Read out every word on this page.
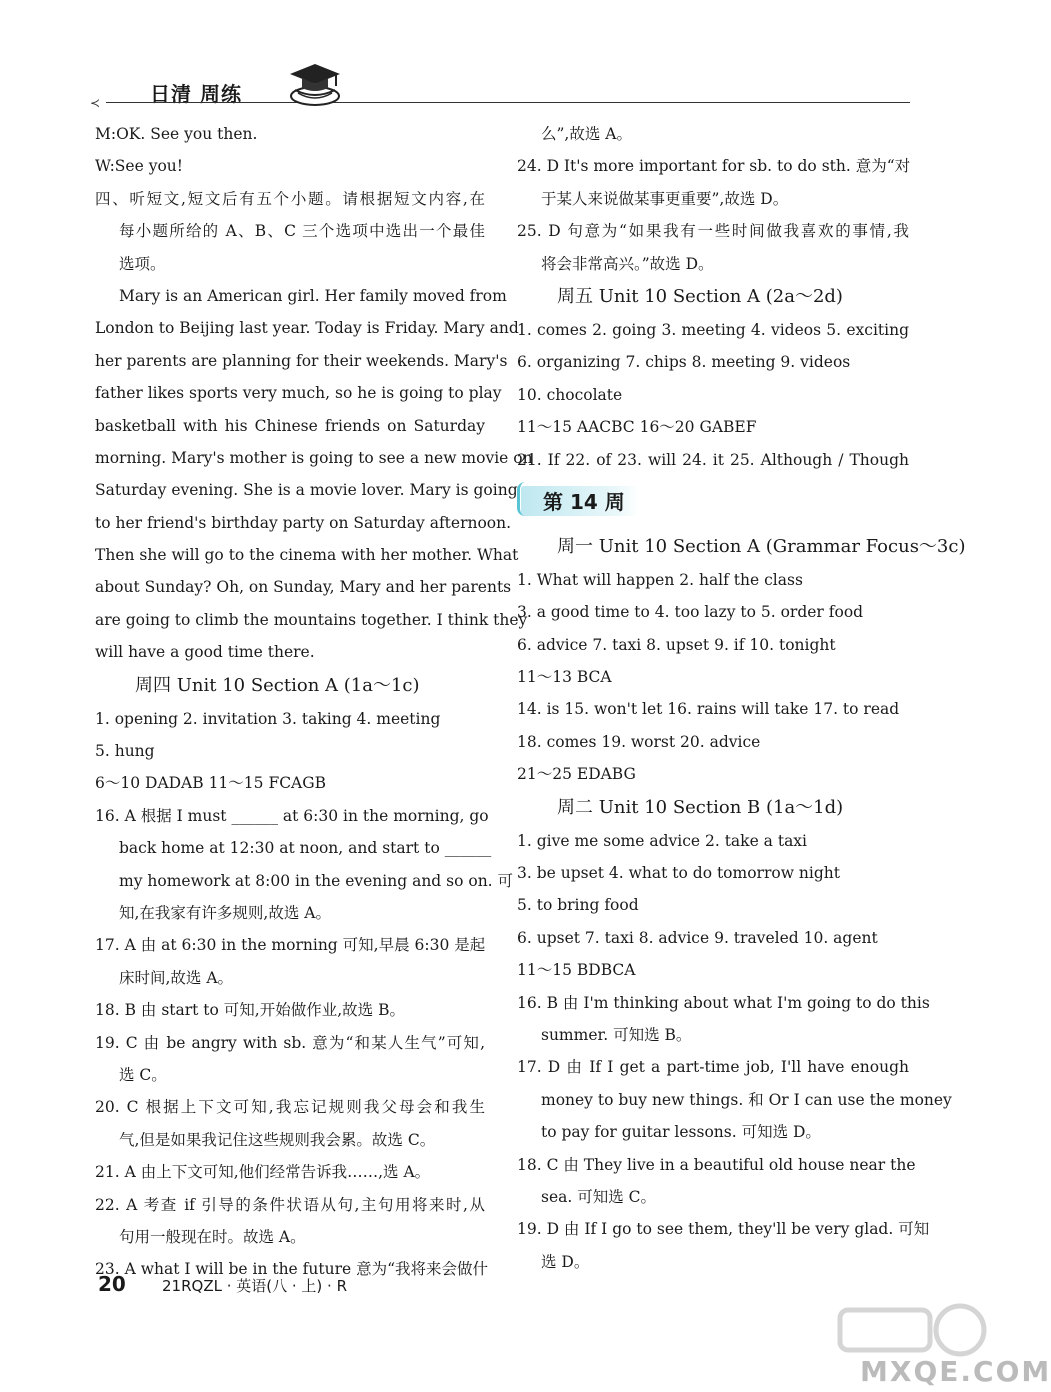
≺ 日清 周练
M:OK. See you then.
W:See you!
四、听短文,短文后有五个小题。请根据短文内容,在
每小题所给的 A、B、C 三个选项中选出一个最佳
选项。
Mary is an American girl. Her family moved from
London to Beijing last year. Today is Friday. Mary and
her parents are planning for their weekends. Mary's
father likes sports very much, so he is going to play
basketball with his Chinese friends on Saturday
morning. Mary's mother is going to see a new movie on
Saturday evening. She is a movie lover. Mary is going
to her friend's birthday party on Saturday afternoon.
Then she will go to the cinema with her mother. What
about Sunday? Oh, on Sunday, Mary and her parents
are going to climb the mountains together. I think they
will have a good time there.
周四 Unit 10 Section A (1a～1c)
1. opening 2. invitation 3. taking 4. meeting
5. hung
6～10 DADAB 11～15 FCAGB
16. A 根据 I must ______ at 6:30 in the morning, go
back home at 12:30 at noon, and start to ______
my homework at 8:00 in the evening and so on. 可
知,在我家有许多规则,故选 A。
17. A 由 at 6:30 in the morning 可知,早晨 6:30 是起
床时间,故选 A。
18. B 由 start to 可知,开始做作业,故选 B。
19. C 由 be angry with sb. 意为“和某人生气”可知,
选 C。
20. C 根据上下文可知,我忘记规则我父母会和我生
气,但是如果我记住这些规则我会累。故选 C。
21. A 由上下文可知,他们经常告诉我……,选 A。
22. A 考查 if 引导的条件状语从句,主句用将来时,从
句用一般现在时。故选 A。
23. A what I will be in the future 意为“我将来会做什
么”,故选 A。
24. D It's more important for sb. to do sth. 意为“对
于某人来说做某事更重要”,故选 D。
25. D 句意为“如果我有一些时间做我喜欢的事情,我
将会非常高兴。”故选 D。
周五 Unit 10 Section A (2a～2d)
1. comes 2. going 3. meeting 4. videos 5. exciting
6. organizing 7. chips 8. meeting 9. videos
10. chocolate
11～15 AACBC 16～20 GABEF
21. If 22. of 23. will 24. it 25. Although / Though
第 14 周
周一 Unit 10 Section A (Grammar Focus～3c)
1. What will happen 2. half the class
3. a good time to 4. too lazy to 5. order food
6. advice 7. taxi 8. upset 9. if 10. tonight
11～13 BCA
14. is 15. won't let 16. rains will take 17. to read
18. comes 19. worst 20. advice
21～25 EDABG
周二 Unit 10 Section B (1a～1d)
1. give me some advice 2. take a taxi
3. be upset 4. what to do tomorrow night
5. to bring food
6. upset 7. taxi 8. advice 9. traveled 10. agent
11～15 BDBCA
16. B 由 I'm thinking about what I'm going to do this
summer. 可知选 B。
17. D 由 If I get a part-time job, I'll have enough
money to buy new things. 和 Or I can use the money
to pay for guitar lessons. 可知选 D。
18. C 由 They live in a beautiful old house near the
sea. 可知选 C。
19. D 由 If I go to see them, they'll be very glad. 可知
选 D。
20 21RQZL · 英语(八 · 上) · R
MXQE.COM
